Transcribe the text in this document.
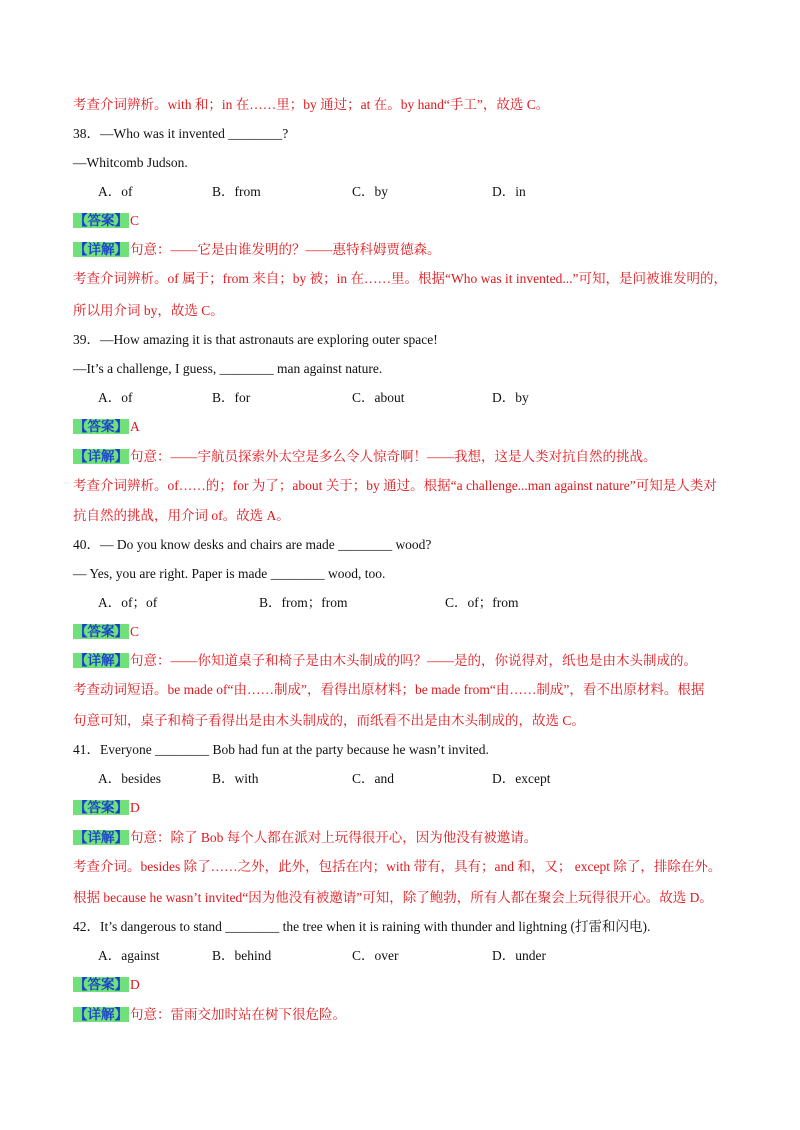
考查介词辨析。with 和；in 在……里；by 通过；at 在。by hand“手工”，故选 C。
38．—Who was it invented ________?
—Whitcomb Judson.
A．of	B．from	C．by	D．in
【答案】 C
【详解】 句意：——它是由谁发明的？——惠特科姆贾德森。
考查介词辨析。of 属于；from 来自；by 被；in 在……里。根据“Who was it invented...”可知，是问被谁发明的，
所以用介词 by，故选 C。
39．—How amazing it is that astronauts are exploring outer space!
—It’s a challenge, I guess, ________ man against nature.
A．of	B．for	C．about	D．by
【答案】 A
【详解】 句意：——宇航员探索外太空是多么令人惊奇啊！——我想，这是人类对抗自然的挑战。
考查介词辨析。of……的；for 为了；about 关于；by 通过。根据“a challenge...man against nature”可知是人类对
抗自然的挑战，用介词 of。故选 A。
40．— Do you know desks and chairs are made ________ wood?
— Yes, you are right. Paper is made ________ wood, too.
A．of；of	B．from；from	C．of；from
【答案】 C
【详解】 句意：——你知道桌子和椅子是由木头制成的吗？——是的，你说得对，纸也是由木头制成的。
考查动词短语。be made of“由……制成”，看得出原材料；be made from“由……制成”，看不出原材料。根据
句意可知，桌子和椅子看得出是由木头制成的，而纸看不出是由木头制成的，故选 C。
41．Everyone ________ Bob had fun at the party because he wasn’t invited.
A．besides	B．with	C．and	D．except
【答案】 D
【详解】 句意：除了 Bob 每个人都在派对上玩得很开心，因为他没有被邀请。
考查介词。besides 除了……之外，此外，包括在内；with 带有，具有；and 和，又； except 除了，排除在外。
根据 because he wasn’t invited“因为他没有被邀请”可知，除了鲍勃，所有人都在聚会上玩得很开心。故选 D。
42．It’s dangerous to stand ________ the tree when it is raining with thunder and lightning (打雷和闪电).
A．against	B．behind	C．over	D．under
【答案】 D
【详解】 句意：雷雨交加时站在树下很危险。
